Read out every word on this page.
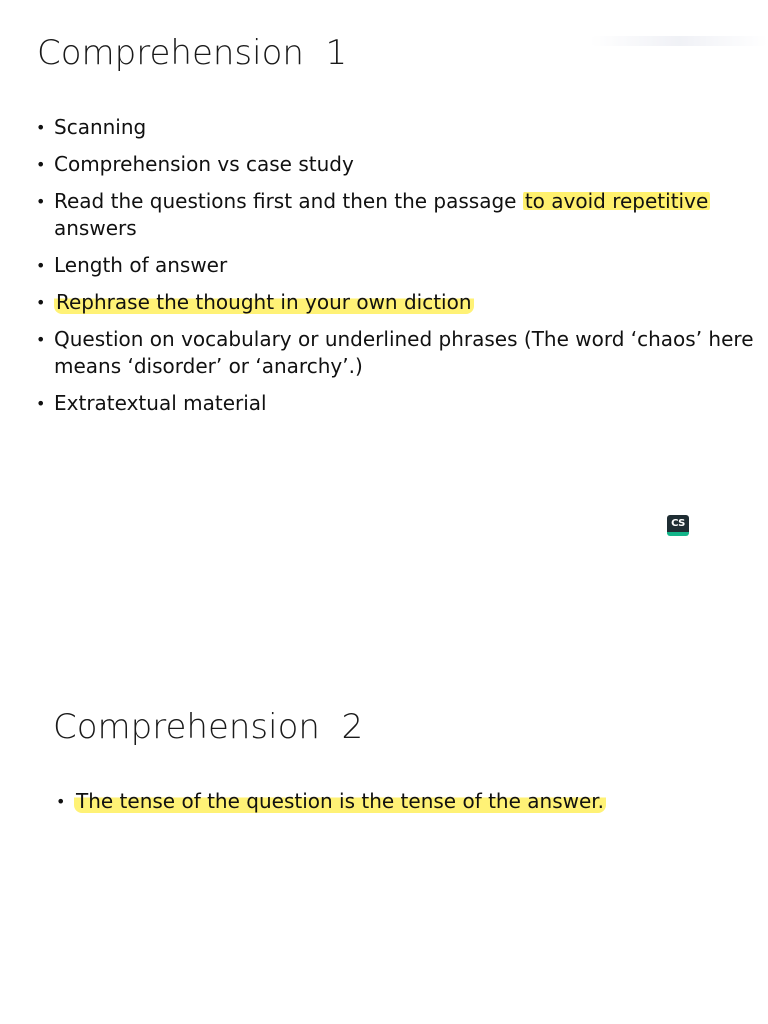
Comprehension  1
• Scanning
• Comprehension vs case study
• Read the questions first and then the passage to avoid repetitive
answers
• Length of answer
• Rephrase the thought in your own diction
• Question on vocabulary or underlined phrases (The word ‘chaos’ here
means ‘disorder’ or ‘anarchy’.)
• Extratextual material
CS
Comprehension  2
• The tense of the question is the tense of the answer.
